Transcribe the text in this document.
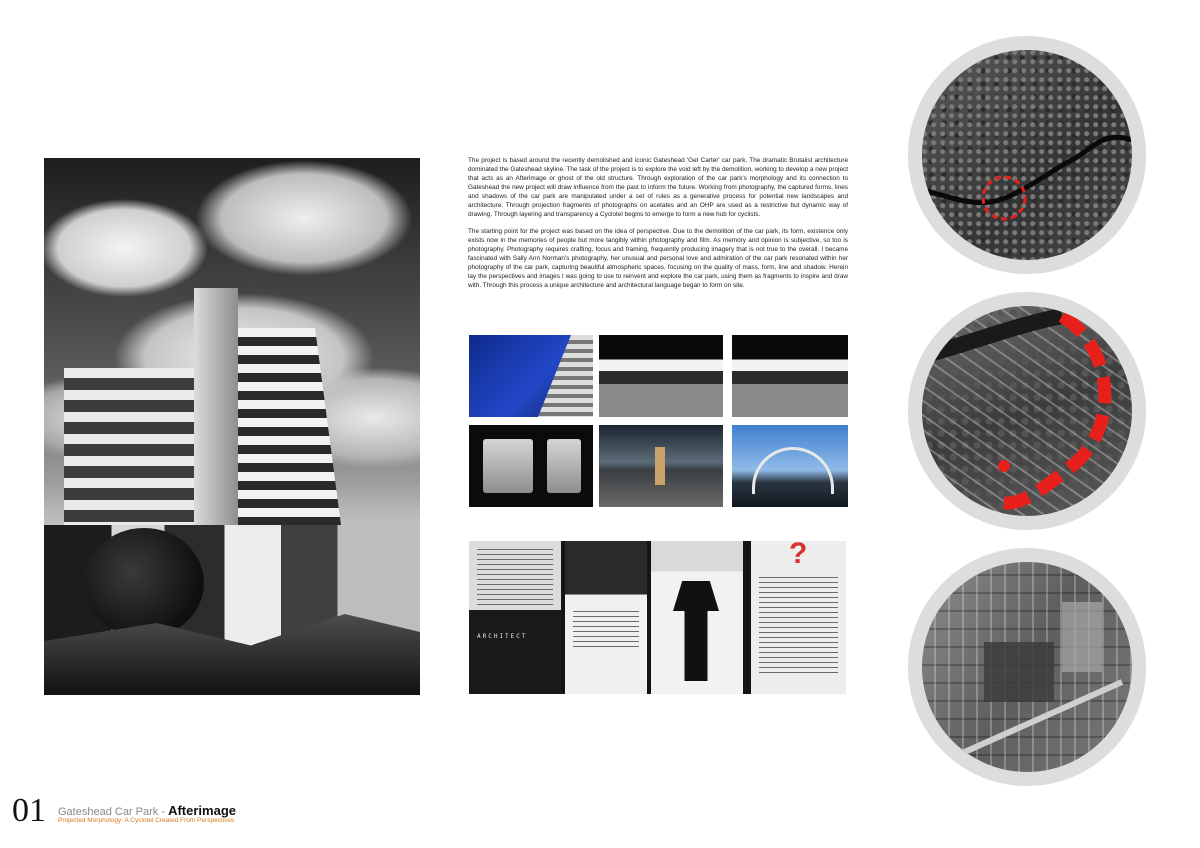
The project is based around the recently demolished and iconic Gateshead 'Get Carter' car park. The dramatic Brutalist architecture dominated the Gateshead skyline. The task of the project is to explore the void left by the demolition, working to develop a new project that acts as an Afterimage or ghost of the old structure. Through exploration of the car park's morphology and its connection to Gateshead the new project will draw influence from the past to inform the future. Working from photography, the captured forms, lines and shadows of the car park are manipulated under a set of rules as a generative process for potential new landscapes and architecture. Through projection fragments of photographs on acetates and an OHP are used as a restrictive but dynamic way of drawing. Through layering and transparency a Cyclotel begins to emerge to form a new hub for cyclists.

The starting point for the project was based on the idea of perspective. Due to the demolition of the car park, its form, existence only exists now in the memories of people but more tangibly within photography and film. As memory and opinion is subjective, so too is photography. Photography requires crafting, focus and framing, frequently producing imagery that is not true to the overall. I became fascinated with Sally Ann Norman's photography, her unusual and personal love and admiration of the car park resonated within her photography of the car park, capturing beautiful atmospheric spaces, focusing on the quality of mass, form, line and shadow. Herein lay the perspectives and images I was going to use to reinvent and explore the car park, using them as fragments to inspire and draw with. Through this process a unique architecture and architectural language began to form on site.

ARCHITECT
?
01 Gateshead Car Park - Afterimage
Projected Morphology: A Cyclotel Created From Perspectives
